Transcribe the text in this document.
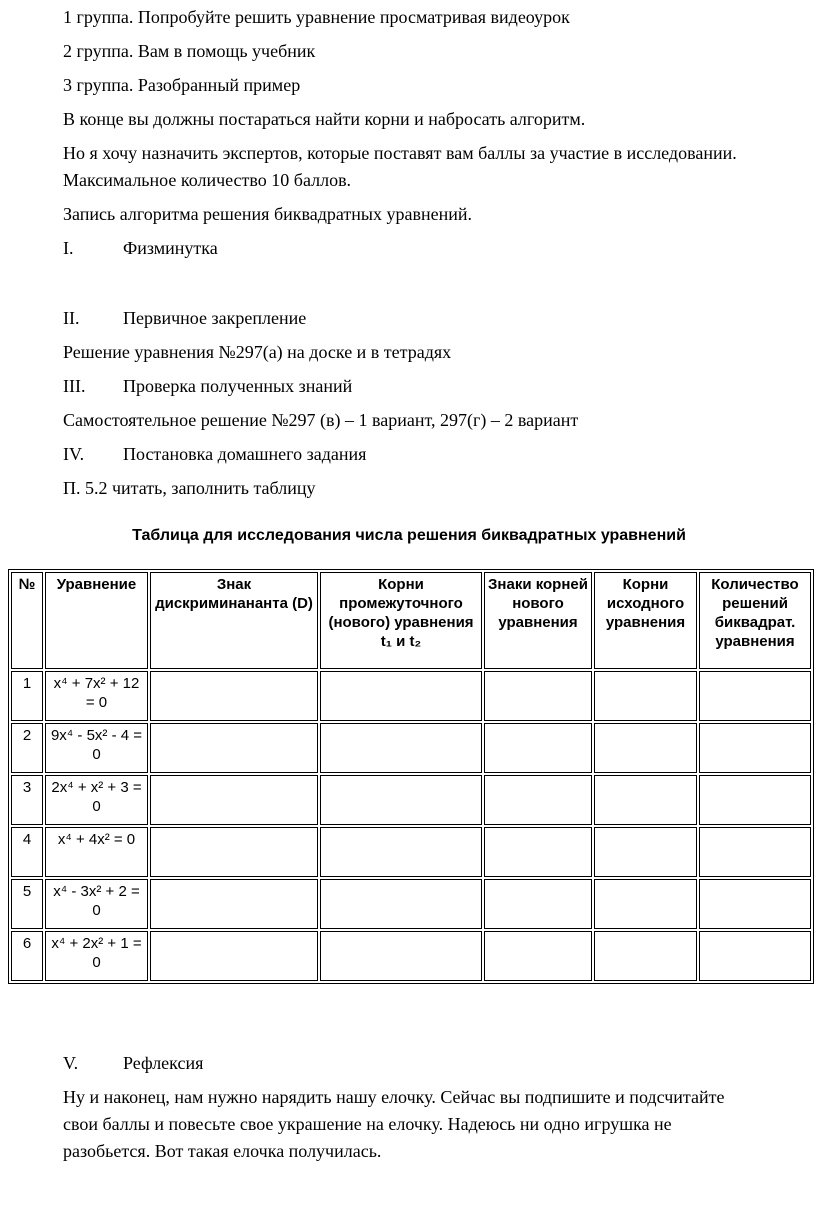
1 группа. Попробуйте решить уравнение просматривая видеоурок

2 группа. Вам в помощь учебник

3 группа. Разобранный пример

В конце вы должны постараться найти корни и набросать алгоритм.

Но я хочу назначить экспертов, которые поставят вам баллы за участие в исследовании. Максимальное количество 10 баллов.

Запись алгоритма решения биквадратных уравнений.

I.	Физминутка

II. Первичное закрепление

Решение уравнения №297(а) на доске и в тетрадях

III. Проверка полученных знаний

Самостоятельное решение №297 (в) – 1 вариант, 297(г) – 2 вариант

IV. Постановка домашнего задания

П. 5.2 читать, заполнить таблицу

Таблица для исследования числа решения биквадратных уравнений
№	Уравнение	Знак дискриминананта (D)	Корни промежуточного (нового) уравнения t₁ и t₂	Знаки корней нового уравнения	Корни исходного уравнения	Количество решений биквадрат. уравнения
1	x⁴ + 7x² + 12 = 0					
2	9x⁴ - 5x² - 4 = 0					
3	2x⁴ + x² + 3 = 0					
4	x⁴ + 4x² = 0					
5	x⁴ - 3x² + 2 = 0					
6	x⁴ + 2x² + 1 = 0					

V. Рефлексия

Ну и наконец, нам нужно нарядить нашу елочку. Сейчас вы подпишите и подсчитайте свои баллы и повесьте свое украшение на елочку. Надеюсь ни одно игрушка не разобьется. Вот такая елочка получилась.
